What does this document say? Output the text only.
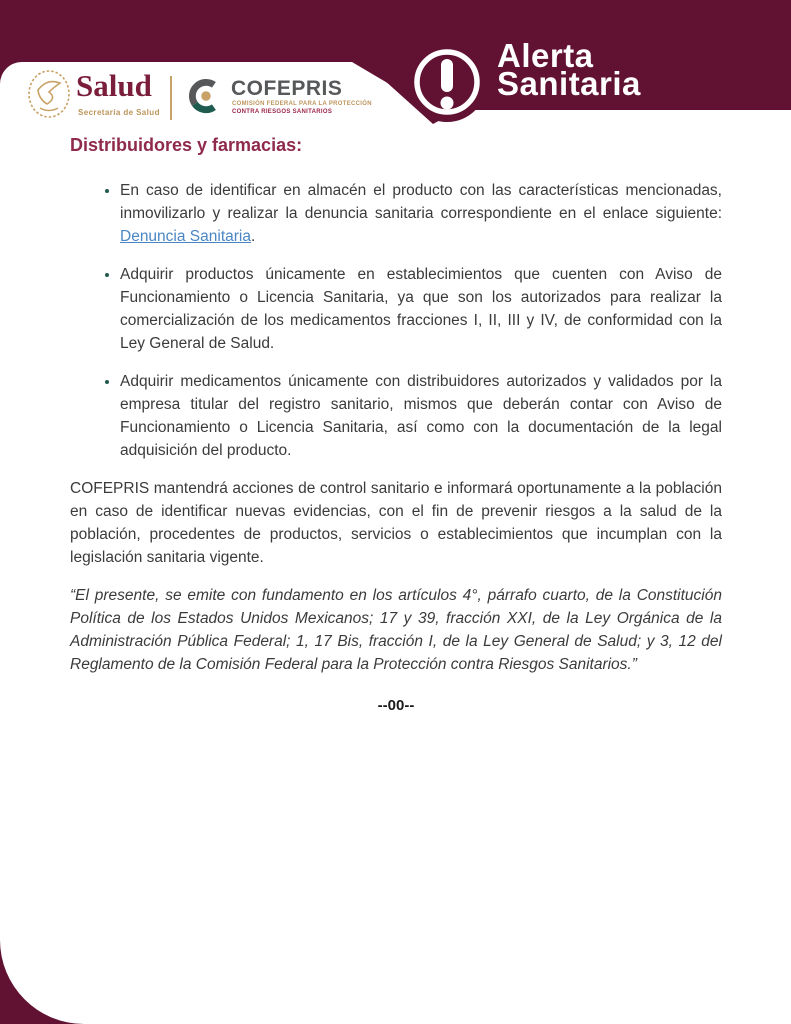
Alerta
Sanitaria
Salud
Secretaría de Salud
COFEPRIS
COMISIÓN FEDERAL PARA LA PROTECCIÓN
CONTRA RIESGOS SANITARIOS
Distribuidores y farmacias:
• En caso de identificar en almacén el producto con las características mencionadas, inmovilizarlo y realizar la denuncia sanitaria correspondiente en el enlace siguiente: Denuncia Sanitaria.
• Adquirir productos únicamente en establecimientos que cuenten con Aviso de Funcionamiento o Licencia Sanitaria, ya que son los autorizados para realizar la comercialización de los medicamentos fracciones I, II, III y IV, de conformidad con la Ley General de Salud.
• Adquirir medicamentos únicamente con distribuidores autorizados y validados por la empresa titular del registro sanitario, mismos que deberán contar con Aviso de Funcionamiento o Licencia Sanitaria, así como con la documentación de la legal adquisición del producto.

COFEPRIS mantendrá acciones de control sanitario e informará oportunamente a la población en caso de identificar nuevas evidencias, con el fin de prevenir riesgos a la salud de la población, procedentes de productos, servicios o establecimientos que incumplan con la legislación sanitaria vigente.

“El presente, se emite con fundamento en los artículos 4°, párrafo cuarto, de la Constitución Política de los Estados Unidos Mexicanos; 17 y 39, fracción XXI, de la Ley Orgánica de la Administración Pública Federal; 1, 17 Bis, fracción I, de la Ley General de Salud; y 3, 12 del Reglamento de la Comisión Federal para la Protección contra Riesgos Sanitarios.”

--00--
